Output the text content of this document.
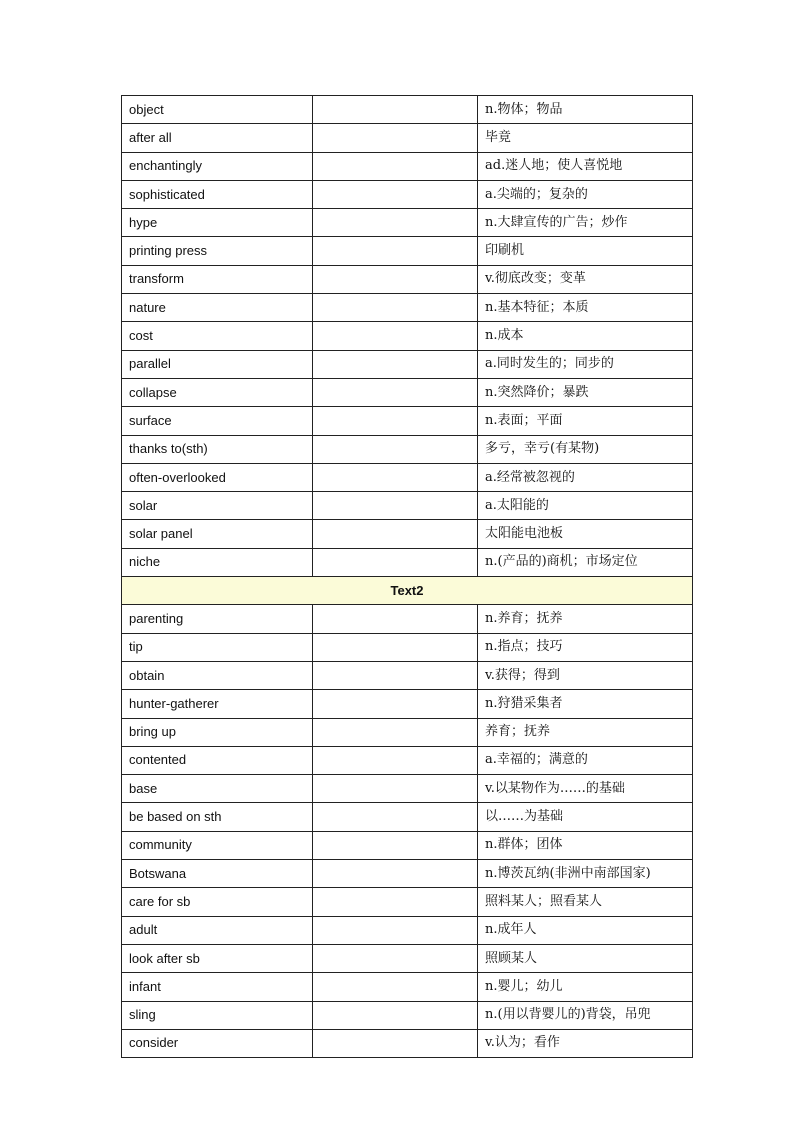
object		n.物体；物品
after all		毕竟
enchantingly		ad.迷人地；使人喜悦地
sophisticated		a.尖端的；复杂的
hype		n.大肆宣传的广告；炒作
printing press		印刷机
transform		v.彻底改变；变革
nature		n.基本特征；本质
cost		n.成本
parallel		a.同时发生的；同步的
collapse		n.突然降价；暴跌
surface		n.表面；平面
thanks to(sth)		多亏，幸亏(有某物)
often-overlooked		a.经常被忽视的
solar		a.太阳能的
solar panel		太阳能电池板
niche		n.(产品的)商机；市场定位
Text2		
parenting		n.养育；抚养
tip		n.指点；技巧
obtain		v.获得；得到
hunter-gatherer		n.狩猎采集者
bring up		养育；抚养
contented		a.幸福的；满意的
base		v.以某物作为……的基础
be based on sth		以……为基础
community		n.群体；团体
Botswana		n.博茨瓦纳(非洲中南部国家)
care for sb		照料某人；照看某人
adult		n.成年人
look after sb		照顾某人
infant		n.婴儿；幼儿
sling		n.(用以背婴儿的)背袋，吊兜
consider		v.认为；看作
